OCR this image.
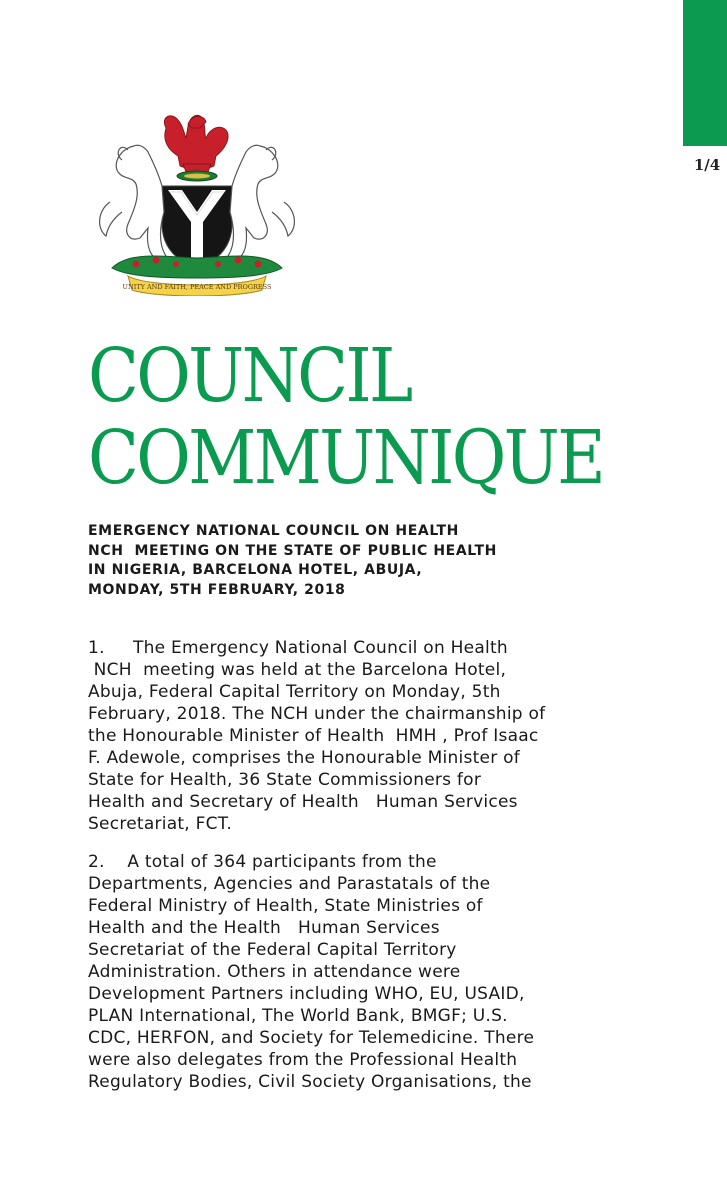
1/4
UNITY AND FAITH, PEACE AND PROGRESS
COUNCIL
COMMUNIQUE
EMERGENCY NATIONAL COUNCIL ON HEALTH
NCH  MEETING ON THE STATE OF PUBLIC HEALTH
IN NIGERIA, BARCELONA HOTEL, ABUJA,
MONDAY, 5TH FEBRUARY, 2018
1.     The Emergency National Council on Health
NCH  meeting was held at the Barcelona Hotel,
Abuja, Federal Capital Territory on Monday, 5th
February, 2018. The NCH under the chairmanship of
the Honourable Minister of Health  HMH , Prof Isaac
F. Adewole, comprises the Honourable Minister of
State for Health, 36 State Commissioners for
Health and Secretary of Health   Human Services
Secretariat, FCT.
2.    A total of 364 participants from the
Departments, Agencies and Parastatals of the
Federal Ministry of Health, State Ministries of
Health and the Health   Human Services
Secretariat of the Federal Capital Territory
Administration. Others in attendance were
Development Partners including WHO, EU, USAID,
PLAN International, The World Bank, BMGF; U.S.
CDC, HERFON, and Society for Telemedicine. There
were also delegates from the Professional Health
Regulatory Bodies, Civil Society Organisations, the
